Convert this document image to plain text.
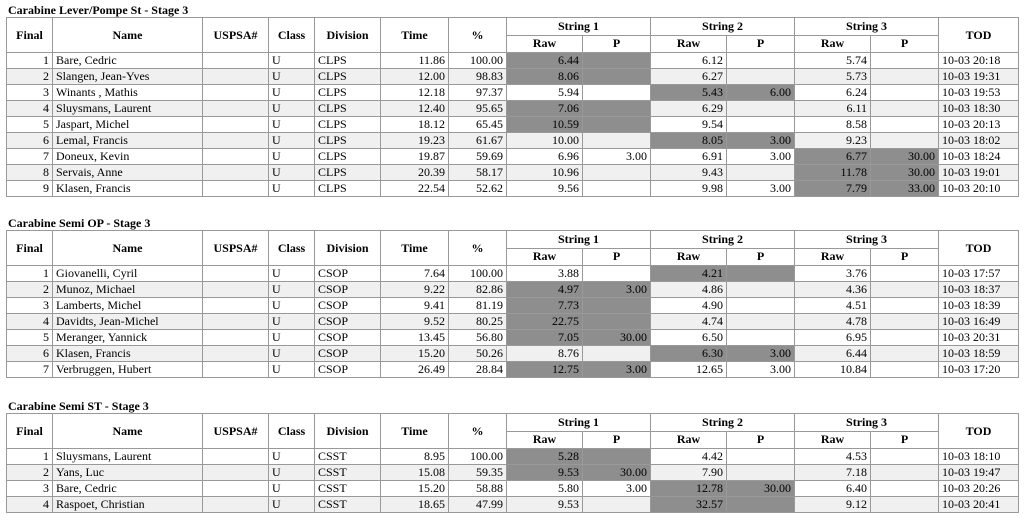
Carabine Lever/Pompe St - Stage 3
Final	Name	USPSA#	Class	Division	Time	%	String 1		String 2		String 3		TOD
							Raw	P	Raw	P	Raw	P	
1	Bare, Cedric		U	CLPS	11.86	100.00	6.44		6.12		5.74		10-03 20:18
2	Slangen, Jean-Yves		U	CLPS	12.00	98.83	8.06		6.27		5.73		10-03 19:31
3	Winants , Mathis		U	CLPS	12.18	97.37	5.94		5.43	6.00	6.24		10-03 19:53
4	Sluysmans, Laurent		U	CLPS	12.40	95.65	7.06		6.29		6.11		10-03 18:30
5	Jaspart, Michel		U	CLPS	18.12	65.45	10.59		9.54		8.58		10-03 20:13
6	Lemal, Francis		U	CLPS	19.23	61.67	10.00		8.05	3.00	9.23		10-03 18:02
7	Doneux, Kevin		U	CLPS	19.87	59.69	6.96	3.00	6.91	3.00	6.77	30.00	10-03 18:24
8	Servais, Anne		U	CLPS	20.39	58.17	10.96		9.43		11.78	30.00	10-03 19:01
9	Klasen, Francis		U	CLPS	22.54	52.62	9.56		9.98	3.00	7.79	33.00	10-03 20:10
Carabine Semi OP - Stage 3
Final	Name	USPSA#	Class	Division	Time	%	String 1		String 2		String 3		TOD
							Raw	P	Raw	P	Raw	P	
1	Giovanelli, Cyril		U	CSOP	7.64	100.00	3.88		4.21		3.76		10-03 17:57
2	Munoz, Michael		U	CSOP	9.22	82.86	4.97	3.00	4.86		4.36		10-03 18:37
3	Lamberts, Michel		U	CSOP	9.41	81.19	7.73		4.90		4.51		10-03 18:39
4	Davidts, Jean-Michel		U	CSOP	9.52	80.25	22.75		4.74		4.78		10-03 16:49
5	Meranger, Yannick		U	CSOP	13.45	56.80	7.05	30.00	6.50		6.95		10-03 20:31
6	Klasen, Francis		U	CSOP	15.20	50.26	8.76		6.30	3.00	6.44		10-03 18:59
7	Verbruggen, Hubert		U	CSOP	26.49	28.84	12.75	3.00	12.65	3.00	10.84		10-03 17:20
Carabine Semi ST - Stage 3
Final	Name	USPSA#	Class	Division	Time	%	String 1		String 2		String 3		TOD
							Raw	P	Raw	P	Raw	P	
1	Sluysmans, Laurent		U	CSST	8.95	100.00	5.28		4.42		4.53		10-03 18:10
2	Yans, Luc		U	CSST	15.08	59.35	9.53	30.00	7.90		7.18		10-03 19:47
3	Bare, Cedric		U	CSST	15.20	58.88	5.80	3.00	12.78	30.00	6.40		10-03 20:26
4	Raspoet, Christian		U	CSST	18.65	47.99	9.53		32.57		9.12		10-03 20:41
